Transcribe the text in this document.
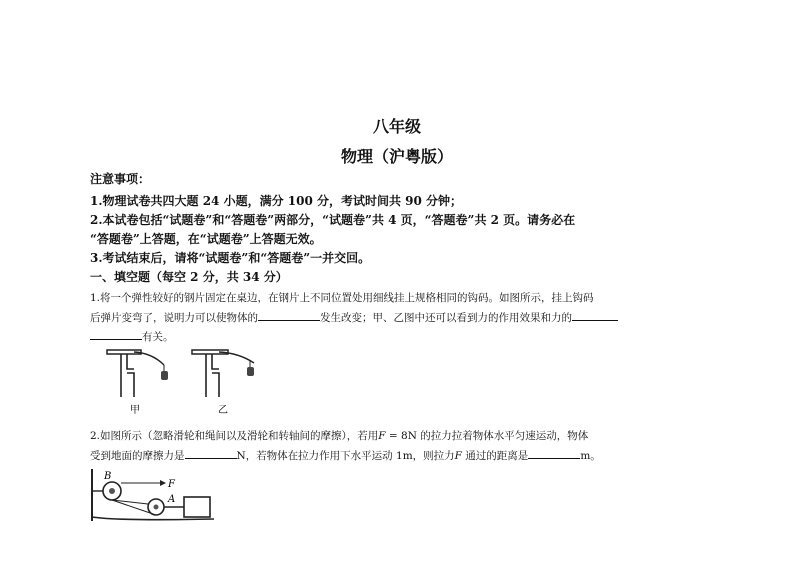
八年级
物理（沪粤版）
注意事项：
1.物理试卷共四大题 24 小题，满分 100 分，考试时间共 90 分钟；
2.本试卷包括“试题卷”和“答题卷”两部分，“试题卷”共 4 页，“答题卷”共 2 页。请务必在
“答题卷”上答题，在“试题卷”上答题无效。
3.考试结束后，请将“试题卷”和“答题卷”一并交回。
一、填空题（每空 2 分，共 34 分）
1.将一个弹性较好的钢片固定在桌边，在钢片上不同位置处用细线挂上规格相同的钩码。如图所示，挂上钩码
后弹片变弯了，说明力可以使物体的	发生改变；甲、乙图中还可以看到力的作用效果和力的
有关。
甲	乙
2.如图所示（忽略滑轮和绳间以及滑轮和转轴间的摩擦），若用F = 8N 的拉力拉着物体水平匀速运动，物体
受到地面的摩擦力是	N，若物体在拉力作用下水平运动 1m，则拉力F 通过的距离是	m。
B
F
A
